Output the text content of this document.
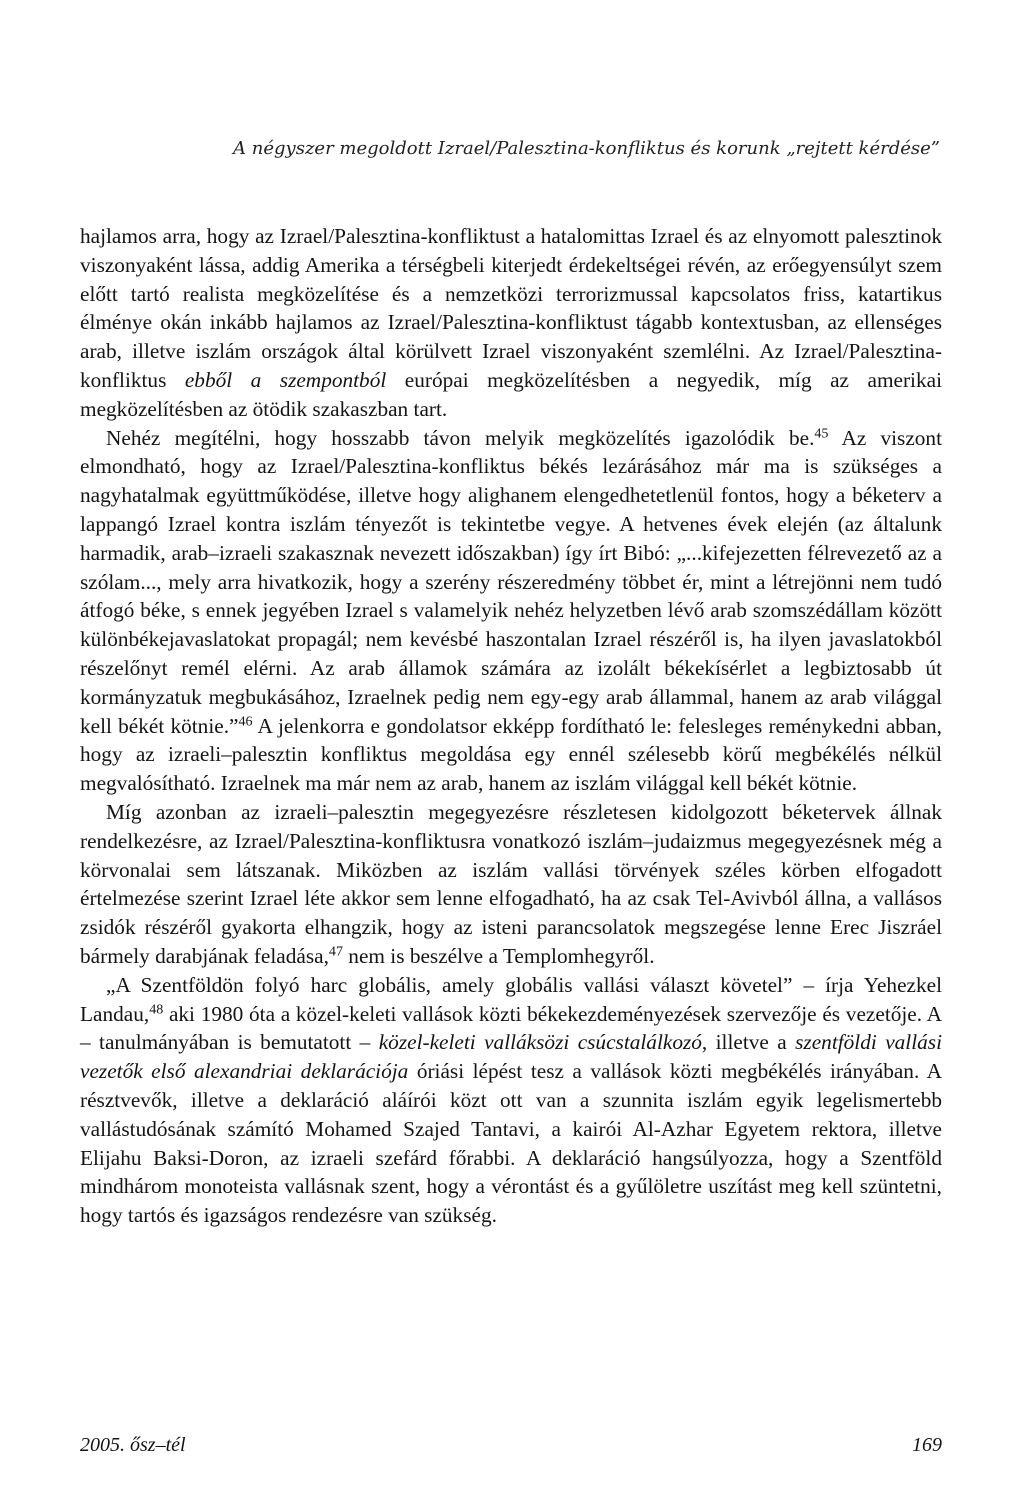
A négyszer megoldott Izrael/Palesztina-konfliktus és korunk „rejtett kérdése”

hajlamos arra, hogy az Izrael/Palesztina-konfliktust a hatalomittas Izrael és az elnyomott palesztinok viszonyaként lássa, addig Amerika a térségbeli kiterjedt érdekeltségei révén, az erőegyensúlyt szem előtt tartó realista megközelítése és a nemzetközi terrorizmussal kapcsolatos friss, katartikus élménye okán inkább hajlamos az Izrael/Palesztina-konfliktust tágabb kontextusban, az ellenséges arab, illetve iszlám országok által körülvett Izrael viszonyaként szemlélni. Az Izrael/Palesztina-konfliktus ebből a szempontból európai megközelítésben a negyedik, míg az amerikai megközelítésben az ötödik szakaszban tart.

Nehéz megítélni, hogy hosszabb távon melyik megközelítés igazolódik be.$^{45}$ Az viszont elmondható, hogy az Izrael/Palesztina-konfliktus békés lezárásához már ma is szükséges a nagyhatalmak együttműködése, illetve hogy alighanem elengedhetetlenül fontos, hogy a béketerv a lappangó Izrael kontra iszlám tényezőt is tekintetbe vegye. A hetvenes évek elején (az általunk harmadik, arab–izraeli szakasznak nevezett időszakban) így írt Bibó: „...kifejezetten félrevezető az a szólam..., mely arra hivatkozik, hogy a szerény részeredmény többet ér, mint a létrejönni nem tudó átfogó béke, s ennek jegyében Izrael s valamelyik nehéz helyzetben lévő arab szomszédállam között különbékejavaslatokat propagál; nem kevésbé haszontalan Izrael részéről is, ha ilyen javaslatokból részelőnyt remél elérni. Az arab államok számára az izolált békekísérlet a legbiztosabb út kormányzatuk megbukásához, Izraelnek pedig nem egy-egy arab állammal, hanem az arab világgal kell békét kötnie.”$^{46}$ A jelenkorra e gondolatsor ekképp fordítható le: felesleges reménykedni abban, hogy az izraeli–palesztin konfliktus megoldása egy ennél szélesebb körű megbékélés nélkül megvalósítható. Izraelnek ma már nem az arab, hanem az iszlám világgal kell békét kötnie.

Míg azonban az izraeli–palesztin megegyezésre részletesen kidolgozott béketervek állnak rendelkezésre, az Izrael/Palesztina-konfliktusra vonatkozó iszlám–judaizmus megegyezésnek még a körvonalai sem látszanak. Miközben az iszlám vallási törvények széles körben elfogadott értelmezése szerint Izrael léte akkor sem lenne elfogadható, ha az csak Tel-Avivból állna, a vallásos zsidók részéről gyakorta elhangzik, hogy az isteni parancsolatok megszegése lenne Erec Jiszráel bármely darabjának feladása,$^{47}$ nem is beszélve a Templomhegyről.

„A Szentföldön folyó harc globális, amely globális vallási választ követel” – írja Yehezkel Landau,$^{48}$ aki 1980 óta a közel-keleti vallások közti békekezdeményezések szervezője és vezetője. A – tanulmányában is bemutatott – közel-keleti valláksözi csúcstalálkozó, illetve a szentföldi vallási vezetők első alexandriai deklarációja óriási lépést tesz a vallások közti megbékélés irányában. A résztvevők, illetve a deklaráció aláírói közt ott van a szunnita iszlám egyik legelismertebb vallástudósának számító Mohamed Szajed Tantavi, a kairói Al-Azhar Egyetem rektora, illetve Elijahu Baksi-Doron, az izraeli szefárd főrabbi. A deklaráció hangsúlyozza, hogy a Szentföld mindhárom monoteista vallásnak szent, hogy a vérontást és a gyűlöletre uszítást meg kell szüntetni, hogy tartós és igazságos rendezésre van szükség.

2005. ősz–tél	169
